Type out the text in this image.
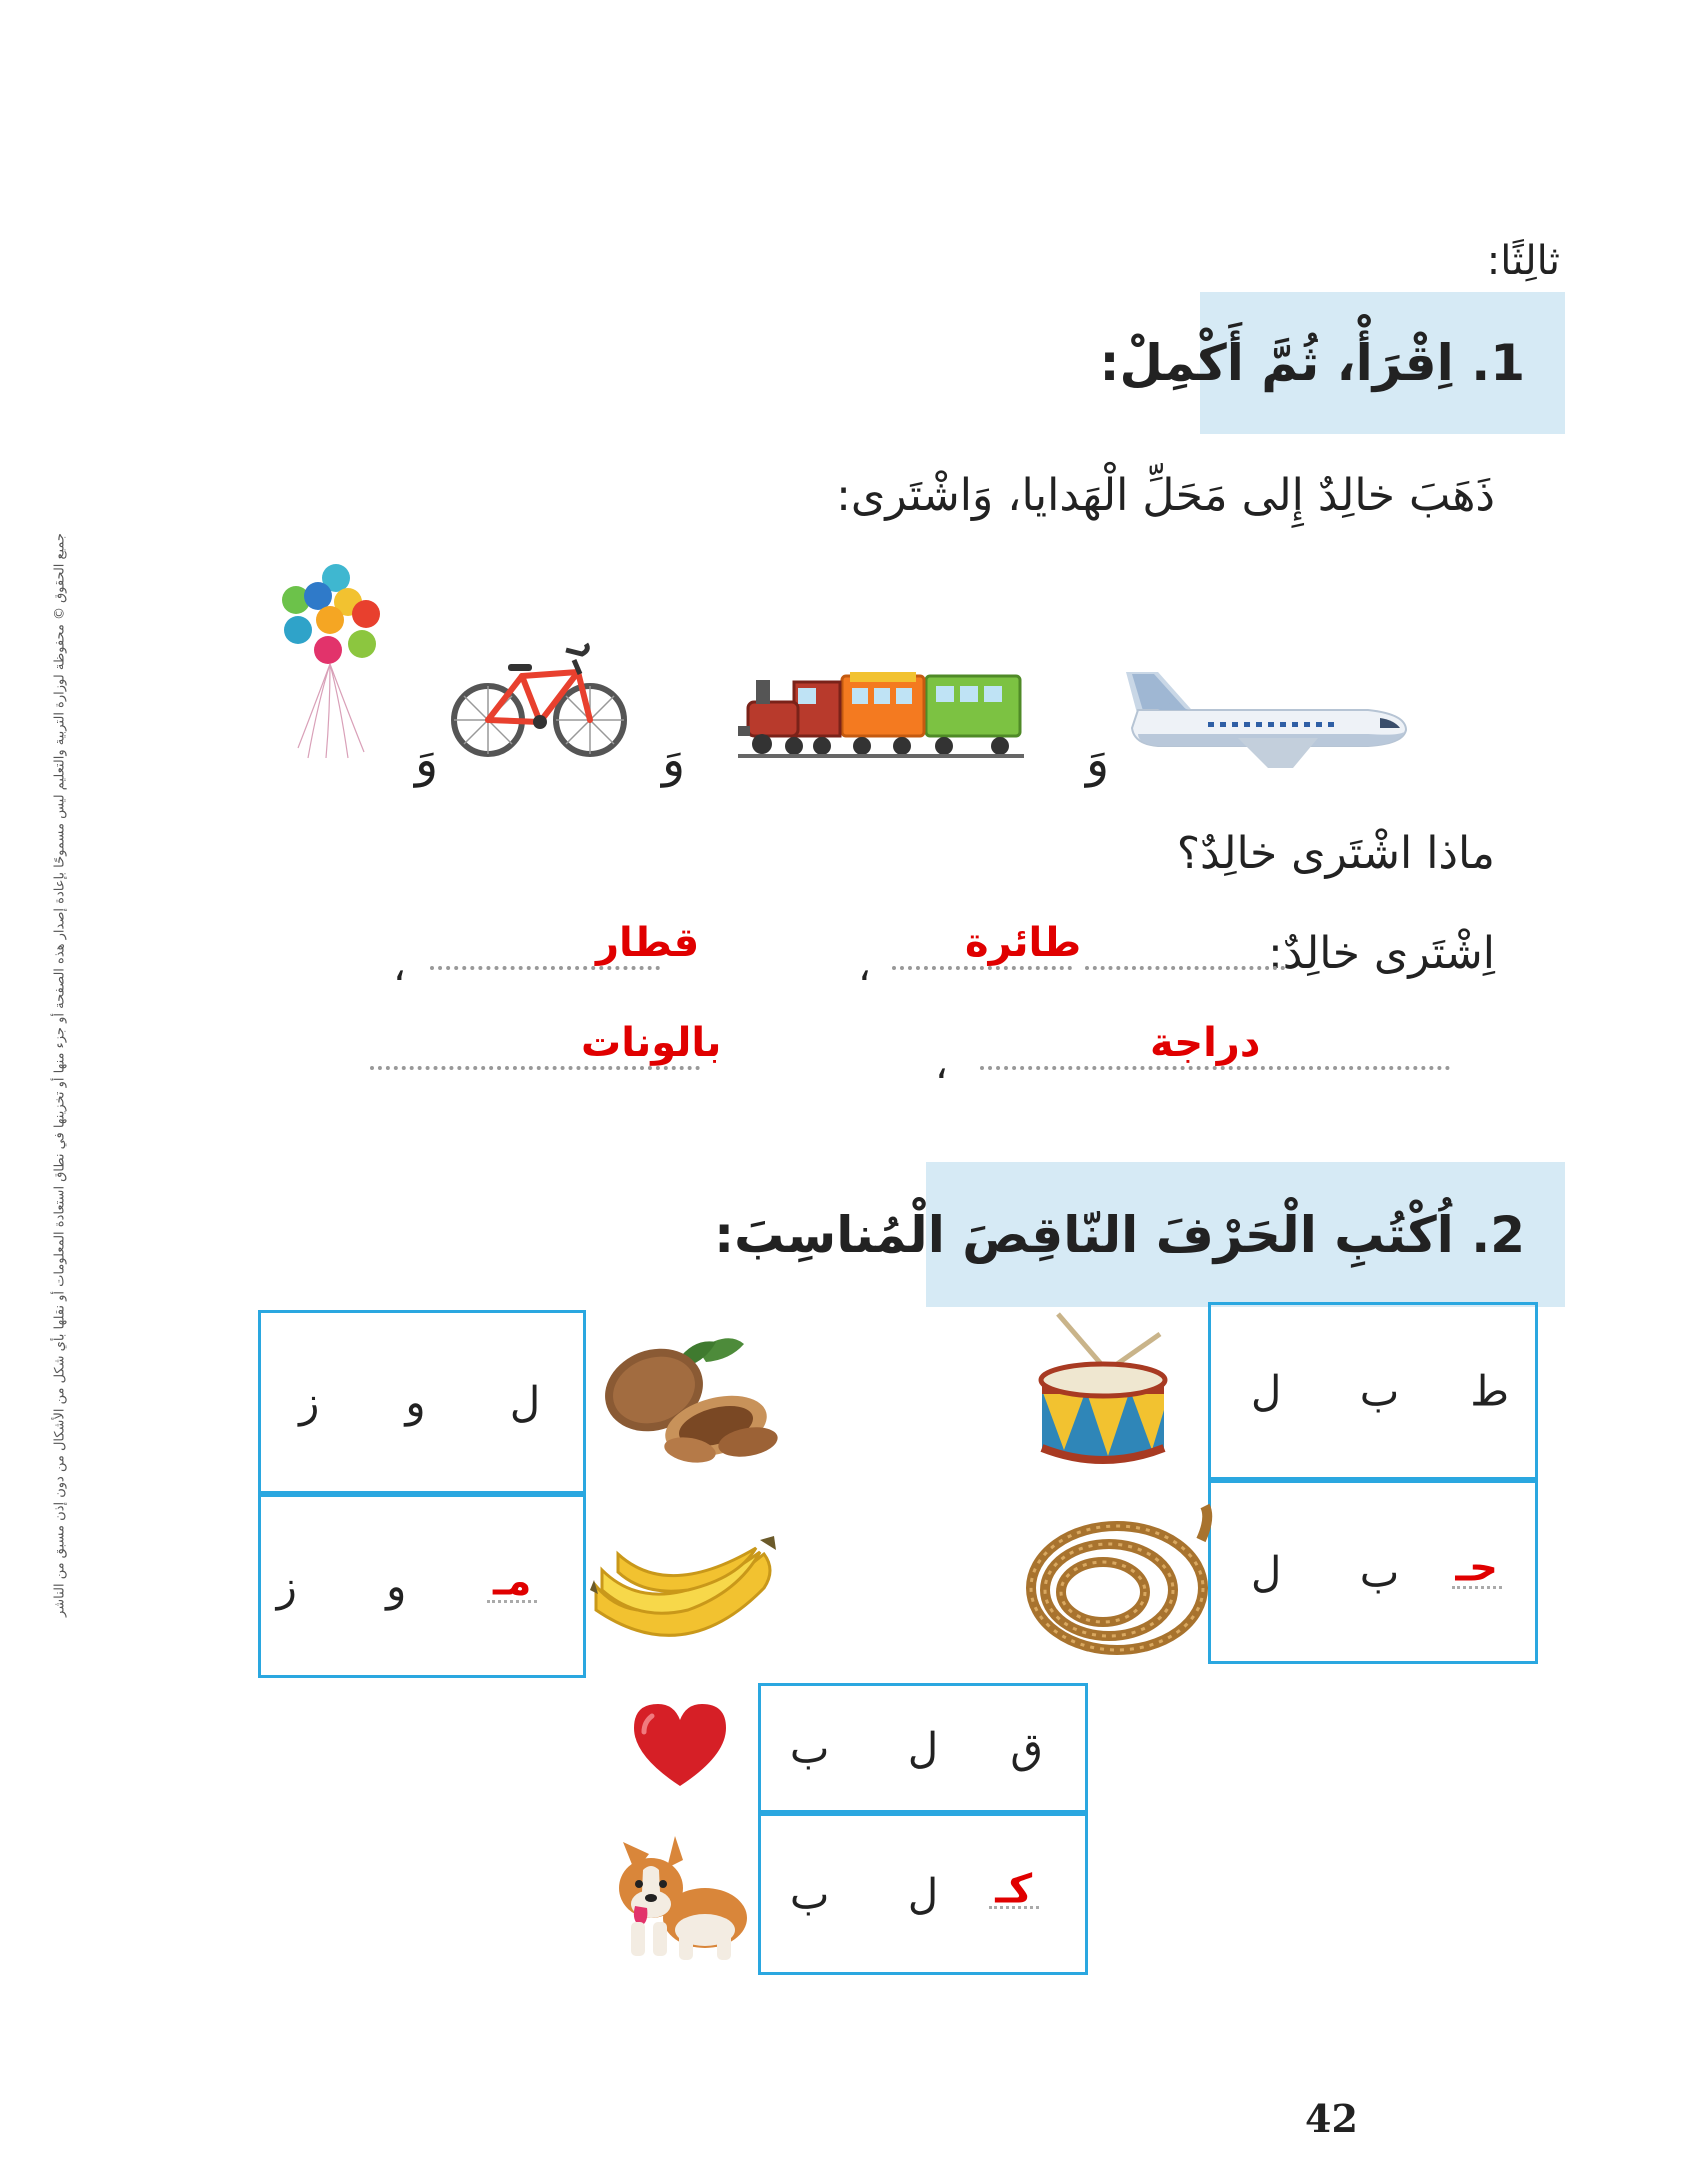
جميع الحقوق © محفوظة لوزارة التربية والتعليم ليس مسموحًا بإعادة إصدار هذه الصفحة أو جزء منها أو تخزينها في نطاق استعادة المعلومات أو نقلها بأي شكل من الأشكال من دون إذن مسبق من الناشر
ثالِثًا:
1. اِقْرَأْ، ثُمَّ أَكْمِلْ:
ذَهَبَ خالِدٌ إِلى مَحَلِّ الْهَدايا، وَاشْتَرى:
وَ
وَ
وَ
ماذا اشْتَرى خالِدٌ؟
اِشْتَرى خالِدٌ:
قطار
،
طائرة
،
بالونات	،	دراجة
2. اُكْتُبِ الْحَرْفَ النّاقِصَ الْمُناسِبَ:
ط
ب
ل
حـ
ب
ل
ل
و
ز
مـ
و
ز
ق
ل
ب
كـ
ل
ب
42
